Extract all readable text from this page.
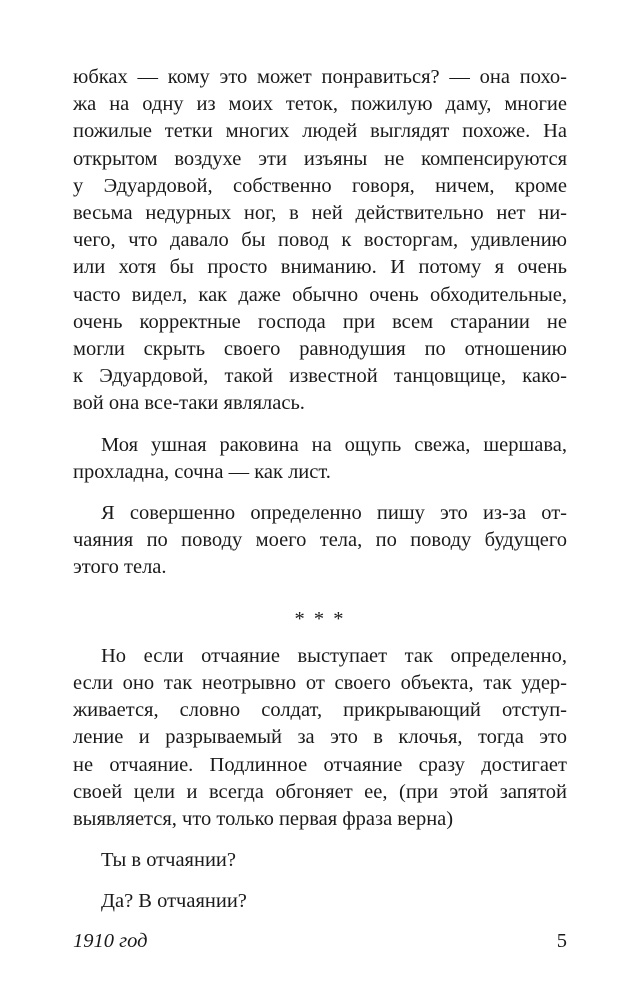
юбках — кому это может понравиться? — она похо-
жа на одну из моих теток, пожилую даму, многие
пожилые тетки многих людей выглядят похоже. На
открытом воздухе эти изъяны не компенсируются
у Эдуардовой, собственно говоря, ничем, кроме
весьма недурных ног, в ней действительно нет ни-
чего, что давало бы повод к восторгам, удивлению
или хотя бы просто вниманию. И потому я очень
часто видел, как даже обычно очень обходительные,
очень корректные господа при всем старании не
могли скрыть своего равнодушия по отношению
к Эдуардовой, такой известной танцовщице, како-
вой она все-таки являлась.

Моя ушная раковина на ощупь свежа, шершава,
прохладна, сочна — как лист.

Я совершенно определенно пишу это из-за от-
чаяния по поводу моего тела, по поводу будущего
этого тела.

* * *

Но если отчаяние выступает так определенно,
если оно так неотрывно от своего объекта, так удер-
живается, словно солдат, прикрывающий отступ-
ление и разрываемый за это в клочья, тогда это
не отчаяние. Подлинное отчаяние сразу достигает
своей цели и всегда обгоняет ее, (при этой запятой
выявляется, что только первая фраза верна)

Ты в отчаянии?

Да? В отчаянии?

1910 год	5
